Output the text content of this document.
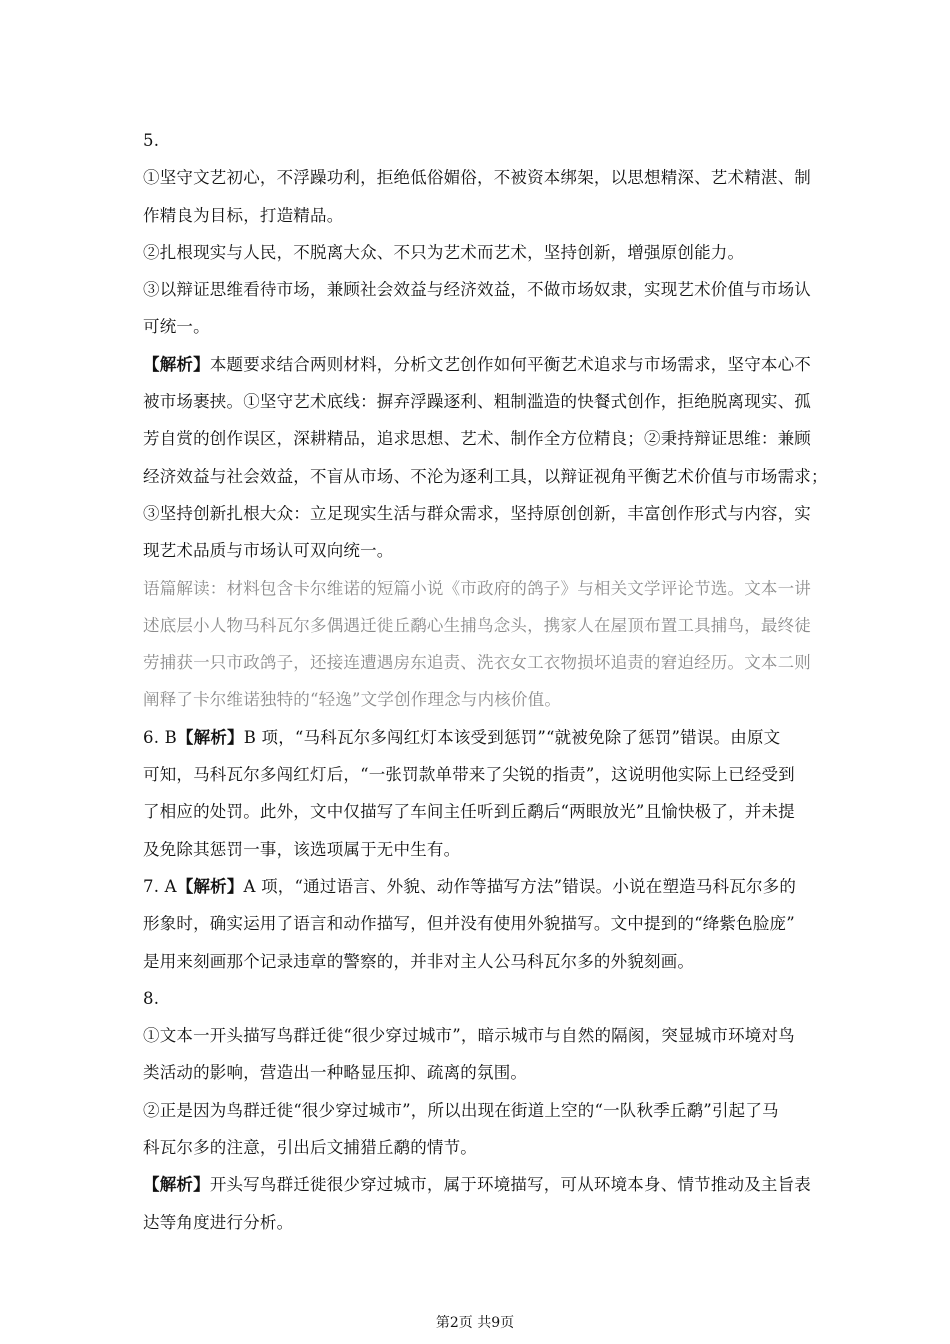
5.
①坚守文艺初心，不浮躁功利，拒绝低俗媚俗，不被资本绑架，以思想精深、艺术精湛、制
作精良为目标，打造精品。
②扎根现实与人民，不脱离大众、不只为艺术而艺术，坚持创新，增强原创能力。
③以辩证思维看待市场，兼顾社会效益与经济效益，不做市场奴隶，实现艺术价值与市场认
可统一。
【解析】本题要求结合两则材料，分析文艺创作如何平衡艺术追求与市场需求，坚守本心不
被市场裹挟。①坚守艺术底线：摒弃浮躁逐利、粗制滥造的快餐式创作，拒绝脱离现实、孤
芳自赏的创作误区，深耕精品，追求思想、艺术、制作全方位精良；②秉持辩证思维：兼顾
经济效益与社会效益，不盲从市场、不沦为逐利工具，以辩证视角平衡艺术价值与市场需求；
③坚持创新扎根大众：立足现实生活与群众需求，坚持原创创新，丰富创作形式与内容，实
现艺术品质与市场认可双向统一。
语篇解读：材料包含卡尔维诺的短篇小说《市政府的鸽子》与相关文学评论节选。文本一讲
述底层小人物马科瓦尔多偶遇迁徙丘鹬心生捕鸟念头，携家人在屋顶布置工具捕鸟，最终徒
劳捕获一只市政鸽子，还接连遭遇房东追责、洗衣女工衣物损坏追责的窘迫经历。文本二则
阐释了卡尔维诺独特的“轻逸”文学创作理念与内核价值。
6. B【解析】B 项，“马科瓦尔多闯红灯本该受到惩罚”“就被免除了惩罚”错误。由原文
可知，马科瓦尔多闯红灯后，“一张罚款单带来了尖锐的指责”，这说明他实际上已经受到
了相应的处罚。此外，文中仅描写了车间主任听到丘鹬后“两眼放光”且愉快极了，并未提
及免除其惩罚一事，该选项属于无中生有。
7. A【解析】A 项，“通过语言、外貌、动作等描写方法”错误。小说在塑造马科瓦尔多的
形象时，确实运用了语言和动作描写，但并没有使用外貌描写。文中提到的“绛紫色脸庞”
是用来刻画那个记录违章的警察的，并非对主人公马科瓦尔多的外貌刻画。
8.
①文本一开头描写鸟群迁徙“很少穿过城市”，暗示城市与自然的隔阂，突显城市环境对鸟
类活动的影响，营造出一种略显压抑、疏离的氛围。
②正是因为鸟群迁徙“很少穿过城市”，所以出现在街道上空的“一队秋季丘鹬”引起了马
科瓦尔多的注意，引出后文捕猎丘鹬的情节。
【解析】开头写鸟群迁徙很少穿过城市，属于环境描写，可从环境本身、情节推动及主旨表
达等角度进行分析。
第2页 共9页
